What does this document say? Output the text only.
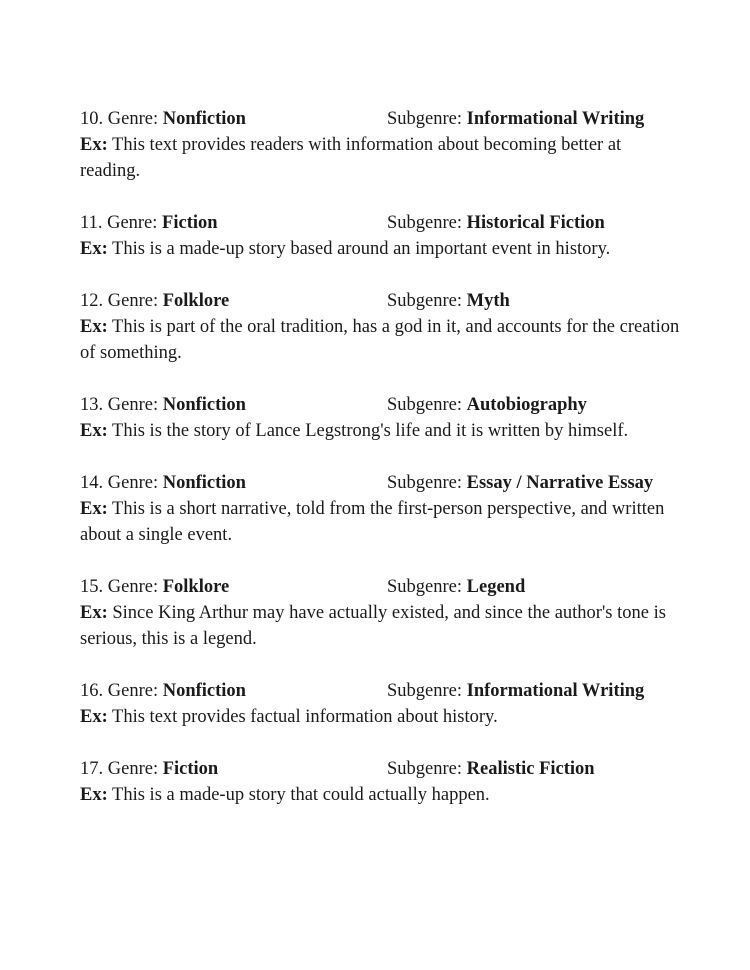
10. Genre: Nonfiction	Subgenre: Informational Writing

Ex: This text provides readers with information about becoming better at reading.

11. Genre: Fiction	Subgenre: Historical Fiction

Ex: This is a made-up story based around an important event in history.

12. Genre: Folklore	Subgenre: Myth

Ex: This is part of the oral tradition, has a god in it, and accounts for the creation of something.

13. Genre: Nonfiction	Subgenre: Autobiography

Ex: This is the story of Lance Legstrong's life and it is written by himself.

14. Genre: Nonfiction	Subgenre: Essay / Narrative Essay

Ex: This is a short narrative, told from the first-person perspective, and written about a single event.

15. Genre: Folklore	Subgenre: Legend

Ex: Since King Arthur may have actually existed, and since the author's tone is serious, this is a legend.

16. Genre: Nonfiction	Subgenre: Informational Writing

Ex: This text provides factual information about history.

17. Genre: Fiction	Subgenre: Realistic Fiction

Ex: This is a made-up story that could actually happen.
